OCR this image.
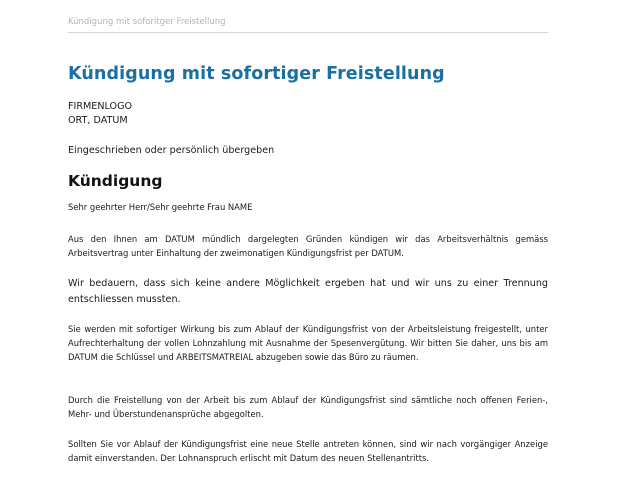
Kündigung mit soforitger Freistellung
Kündigung mit sofortiger Freistellung
FIRMENLOGO
ORT, DATUM
Eingeschrieben oder persönlich übergeben
Kündigung

Sehr geehrter Herr/Sehr geehrte Frau NAME

Aus den Ihnen am DATUM mündlich dargelegten Gründen kündigen wir das Arbeitsverhältnis gemäss Arbeitsvertrag unter Einhaltung der zweimonatigen Kündigungsfrist per DATUM.

Wir bedauern, dass sich keine andere Möglichkeit ergeben hat und wir uns zu einer Trennung entschliessen mussten.

Sie werden mit sofortiger Wirkung bis zum Ablauf der Kündigungsfrist von der Arbeitsleistung freigestellt, unter Aufrechterhaltung der vollen Lohnzahlung mit Ausnahme der Spesenvergütung. Wir bitten Sie daher, uns bis am DATUM die Schlüssel und ARBEITSMATREIAL abzugeben sowie das Büro zu räumen.

Durch die Freistellung von der Arbeit bis zum Ablauf der Kündigungsfrist sind sämtliche noch offenen Ferien-, Mehr- und Überstundenansprüche abgegolten.

Sollten Sie vor Ablauf der Kündigungsfrist eine neue Stelle antreten können, sind wir nach vorgängiger Anzeige damit einverstanden. Der Lohnanspruch erlischt mit Datum des neuen Stellenantritts.
